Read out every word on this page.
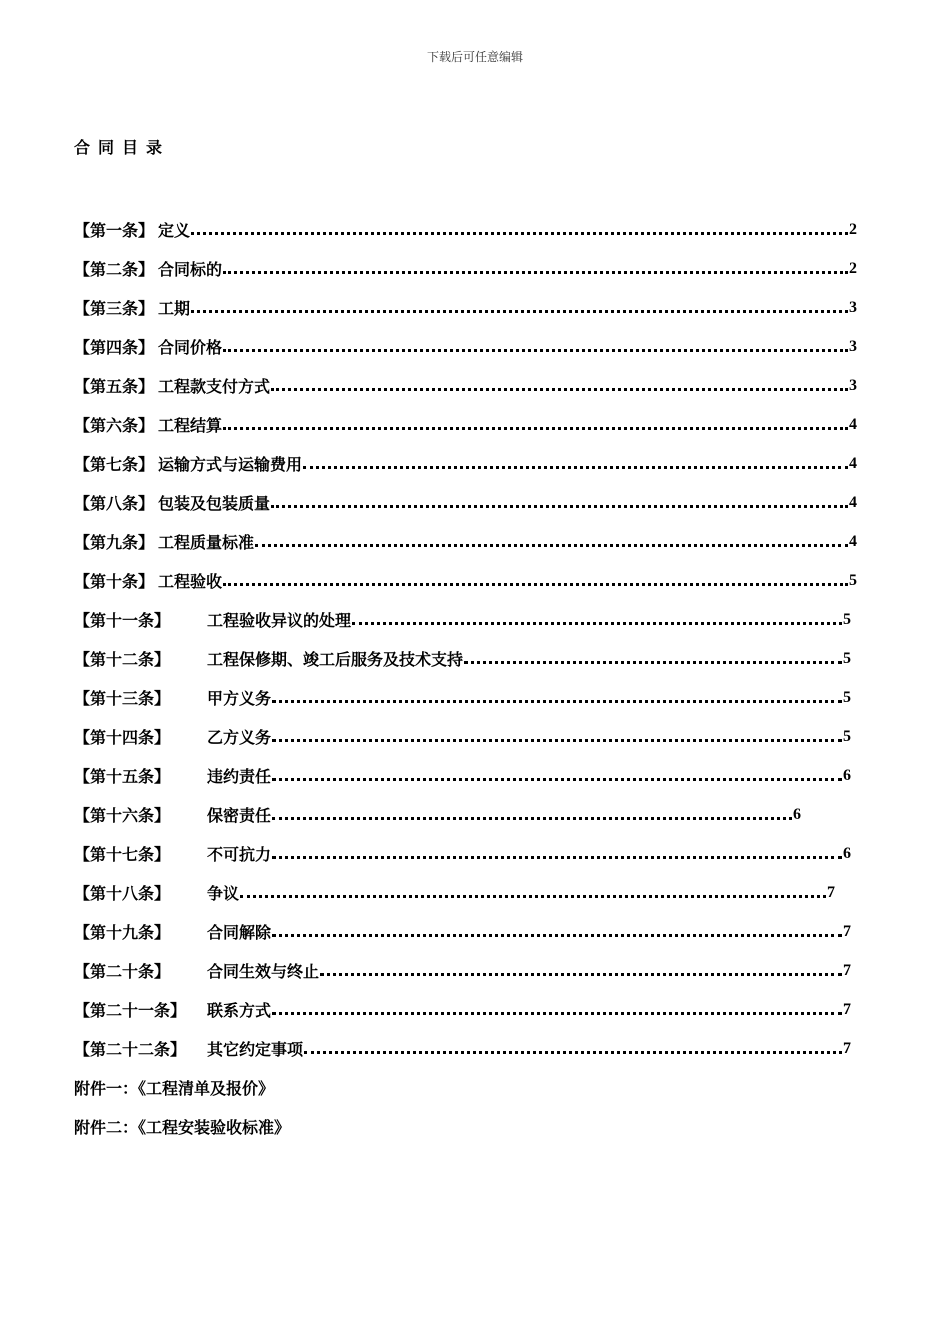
下载后可任意编辑
合同目录
【第一条】 定义	2
【第二条】 合同标的	2
【第三条】 工期	3
【第四条】 合同价格	3
【第五条】 工程款支付方式	3
【第六条】 工程结算	4
【第七条】 运输方式与运输费用	4
【第八条】 包装及包装质量	4
【第九条】 工程质量标准	4
【第十条】 工程验收	5
【第十一条】	工程验收异议的处理	5
【第十二条】	工程保修期、竣工后服务及技术支持	5
【第十三条】	甲方义务	5
【第十四条】	乙方义务	5
【第十五条】	违约责任	6
【第十六条】	保密责任	6
【第十七条】	不可抗力	6
【第十八条】	争议	7
【第十九条】	合同解除	7
【第二十条】	合同生效与终止	7
【第二十一条】	联系方式	7
【第二十二条】	其它约定事项	7
附件一：《工程清单及报价》
附件二：《工程安装验收标准》
